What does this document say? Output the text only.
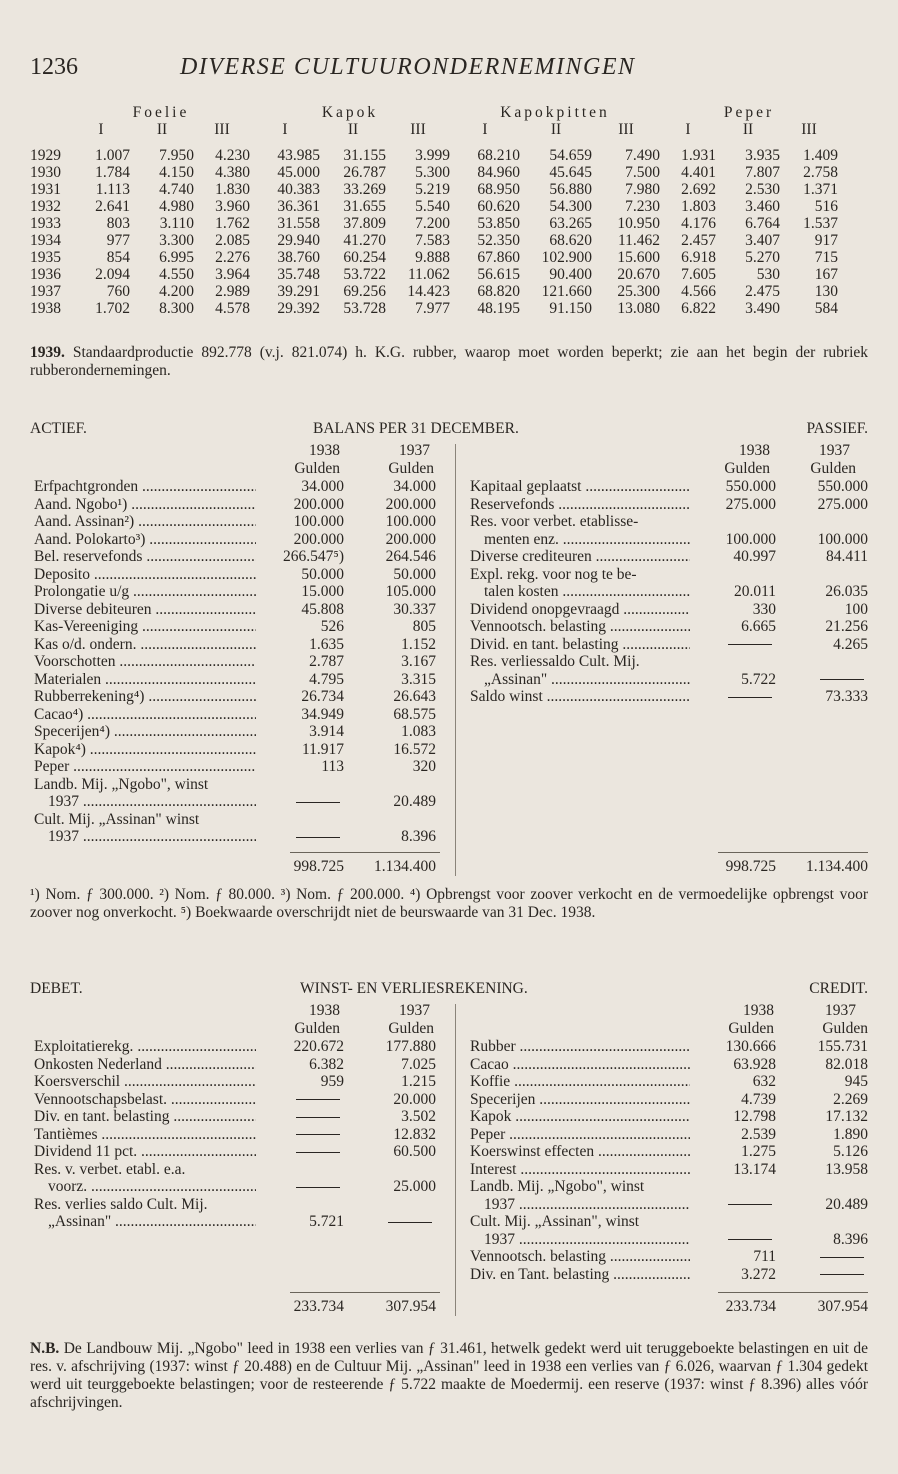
1236	DIVERSE CULTUURONDERNEMINGEN
	Foelie			Kapok			Kapokpitten			Peper		
	I	II	III	I	II	III	I	II	III	I	II	III
1929	1.007	7.950	4.230	43.985	31.155	3.999	68.210	54.659	7.490	1.931	3.935	1.409
1930	1.784	4.150	4.380	45.000	26.787	5.300	84.960	45.645	7.500	4.401	7.807	2.758
1931	1.113	4.740	1.830	40.383	33.269	5.219	68.950	56.880	7.980	2.692	2.530	1.371
1932	2.641	4.980	3.960	36.361	31.655	5.540	60.620	54.300	7.230	1.803	3.460	516
1933	803	3.110	1.762	31.558	37.809	7.200	53.850	63.265	10.950	4.176	6.764	1.537
1934	977	3.300	2.085	29.940	41.270	7.583	52.350	68.620	11.462	2.457	3.407	917
1935	854	6.995	2.276	38.760	60.254	9.888	67.860	102.900	15.600	6.918	5.270	715
1936	2.094	4.550	3.964	35.748	53.722	11.062	56.615	90.400	20.670	7.605	530	167
1937	760	4.200	2.989	39.291	69.256	14.423	68.820	121.660	25.300	4.566	2.475	130
1938	1.702	8.300	4.578	29.392	53.728	7.977	48.195	91.150	13.080	6.822	3.490	584
1939. Standaardproductie 892.778 (v.j. 821.074) h. K.G. rubber, waarop moet worden beperkt; zie aan het begin der rubriek rubberondernemingen.
ACTIEF.	BALANS PER 31 DECEMBER.	PASSIEF.
1938	1937
Gulden	Gulden
1938	1937
Gulden	Gulden
Erfpachtgronden .....	34.000	34.000

Aand. Ngobo¹) .....	200.000	200.000

Aand. Assinan²) .....	100.000	100.000

Aand. Polokarto³) .....	200.000	200.000

Bel. reservefonds .....	266.547⁵)	264.546

Deposito .....	50.000	50.000

Prolongatie u/g .....	15.000	105.000

Diverse debiteuren .....	45.808	30.337

Kas-Vereeniging .....	526	805

Kas o/d. ondern. .....	1.635	1.152

Voorschotten .....	2.787	3.167

Materialen .....	4.795	3.315

Rubberrekening⁴) .....	26.734	26.643

Cacao⁴) .....	34.949	68.575

Specerijen⁴) .....	3.914	1.083

Kapok⁴) .....	11.917	16.572

Peper .....	113	320

Landb. Mij. „Ngobo", winst		

1937 .....		20.489

Cult. Mij. „Assinan" winst		

1937 .....		8.396
Kapitaal geplaatst .....	550.000	550.000

Reservefonds .....	275.000	275.000

Res. voor verbet. etablisse-		

menten enz. .....	100.000	100.000

Diverse crediteuren .....	40.997	84.411

Expl. rekg. voor nog te be-		

talen kosten .....	20.011	26.035

Dividend onopgevraagd .....	330	100

Vennootsch. belasting .....	6.665	21.256

Divid. en tant. belasting .....		4.265

Res. verliessaldo Cult. Mij.		

„Assinan" .....	5.722	

Saldo winst .....		73.333
998.725	1.134.400	998.725	1.134.400
¹) Nom. ƒ 300.000. ²) Nom. ƒ 80.000. ³) Nom. ƒ 200.000. ⁴) Opbrengst voor zoover verkocht en de vermoedelijke opbrengst voor zoover nog onverkocht. ⁵) Boekwaarde overschrijdt niet de beurswaarde van 31 Dec. 1938.
DEBET.	WINST- EN VERLIESREKENING.	CREDIT.
1938	1937
Gulden	Gulden
1938	1937
Gulden	Gulden
Exploitatierekg. .....	220.672	177.880

Onkosten Nederland .....	6.382	7.025

Koersverschil .....	959	1.215

Vennootschapsbelast. .....		20.000

Div. en tant. belasting .....		3.502

Tantièmes .....		12.832

Dividend 11 pct. .....		60.500

Res. v. verbet. etabl. e.a.		

voorz. .....		25.000

Res. verlies saldo Cult. Mij.		

„Assinan" .....	5.721	
Rubber .....	130.666	155.731

Cacao .....	63.928	82.018

Koffie .....	632	945

Specerijen .....	4.739	2.269

Kapok .....	12.798	17.132

Peper .....	2.539	1.890

Koerswinst effecten .....	1.275	5.126

Interest .....	13.174	13.958

Landb. Mij. „Ngobo", winst		

1937 .....		20.489

Cult. Mij. „Assinan", winst		

1937 .....		8.396

Vennootsch. belasting .....	711	

Div. en Tant. belasting .....	3.272	
233.734	307.954	233.734	307.954
N.B. De Landbouw Mij. „Ngobo" leed in 1938 een verlies van ƒ 31.461, hetwelk gedekt werd uit teruggeboekte belastingen en uit de res. v. afschrijving (1937: winst ƒ 20.488) en de Cultuur Mij. „Assinan" leed in 1938 een verlies van ƒ 6.026, waarvan ƒ 1.304 gedekt werd uit teurggeboekte belastingen; voor de resteerende ƒ 5.722 maakte de Moedermij. een reserve (1937: winst ƒ 8.396) alles vóór afschrijvingen.
